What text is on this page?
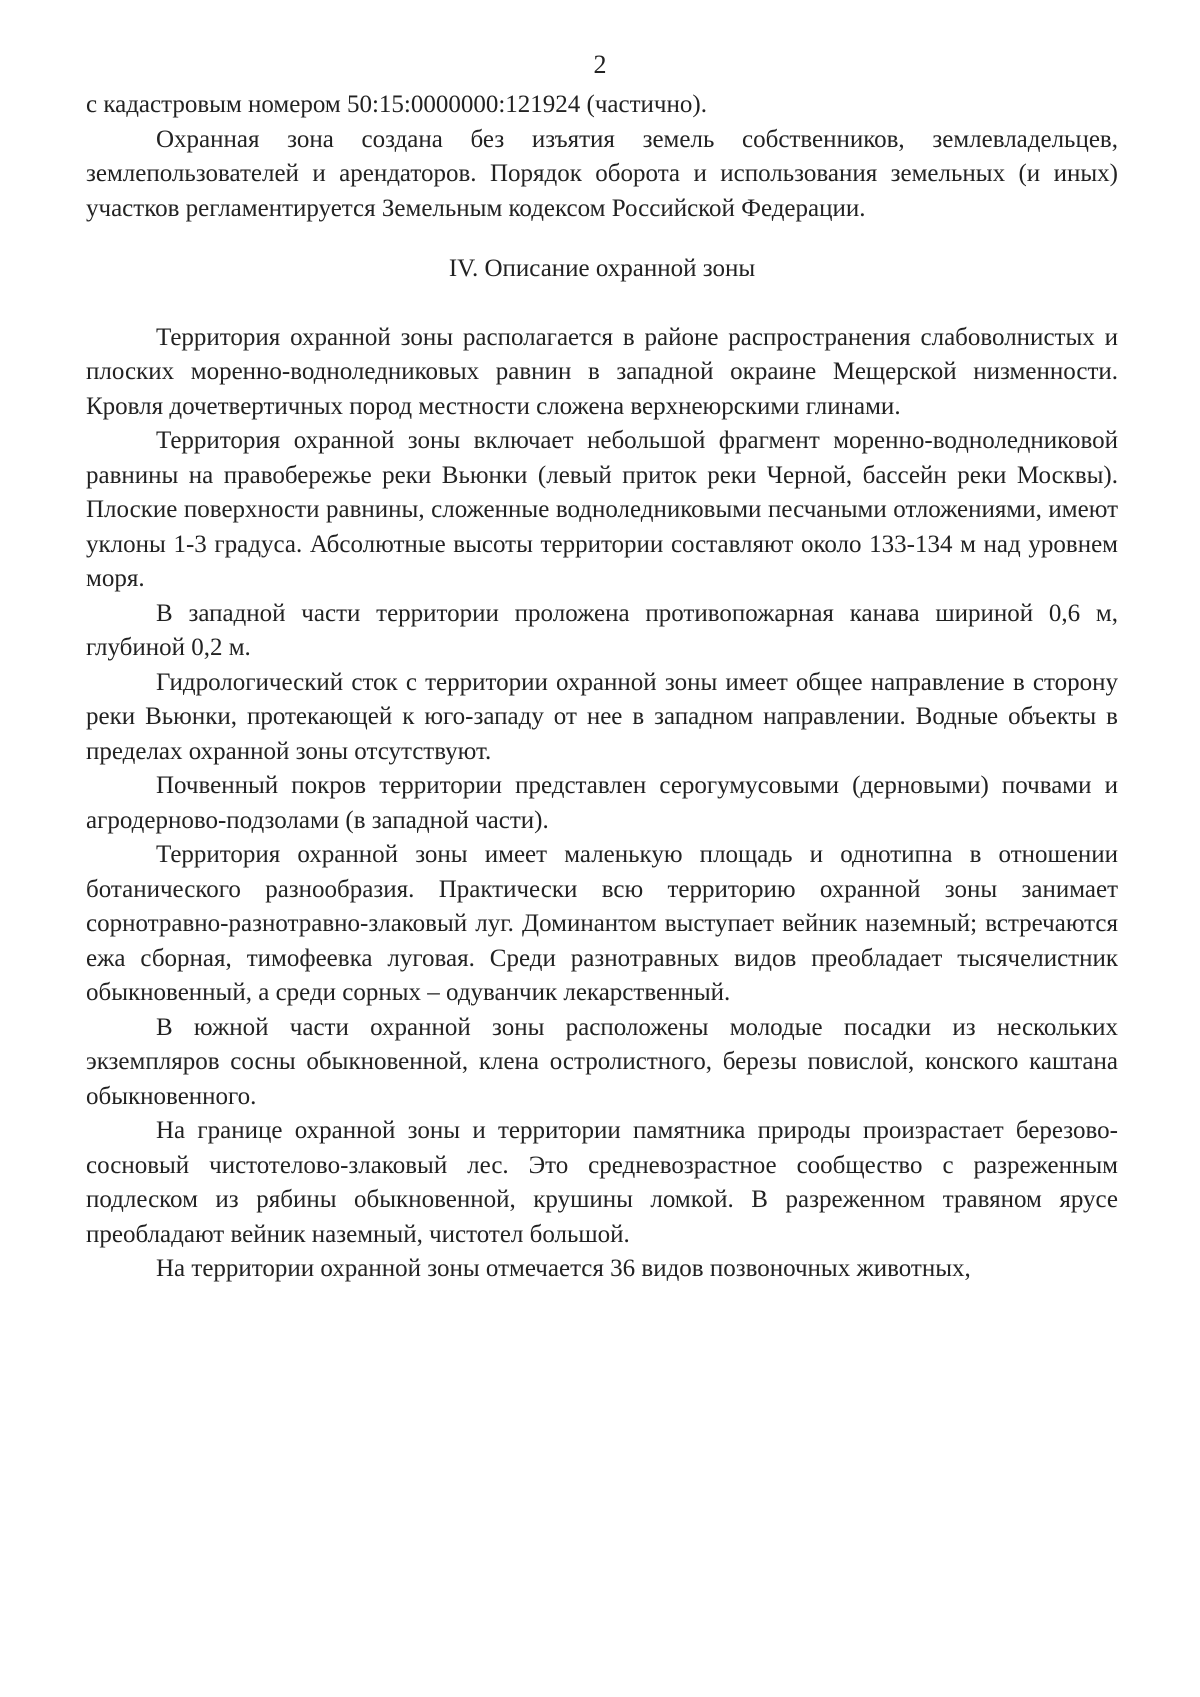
2

с кадастровым номером 50:15:0000000:121924 (частично).

Охранная зона создана без изъятия земель собственников, землевладельцев, землепользователей и арендаторов. Порядок оборота и использования земельных (и иных) участков регламентируется Земельным кодексом Российской Федерации.

IV. Описание охранной зоны

Территория охранной зоны располагается в районе распространения слабоволнистых и плоских моренно-водноледниковых равнин в западной окраине Мещерской низменности. Кровля дочетвертичных пород местности сложена верхнеюрскими глинами.

Территория охранной зоны включает небольшой фрагмент моренно-водноледниковой равнины на правобережье реки Вьюнки (левый приток реки Черной, бассейн реки Москвы). Плоские поверхности равнины, сложенные водноледниковыми песчаными отложениями, имеют уклоны 1-3 градуса. Абсолютные высоты территории составляют около 133-134 м над уровнем моря.

В западной части территории проложена противопожарная канава шириной 0,6 м, глубиной 0,2 м.

Гидрологический сток с территории охранной зоны имеет общее направление в сторону реки Вьюнки, протекающей к юго-западу от нее в западном направлении. Водные объекты в пределах охранной зоны отсутствуют.

Почвенный покров территории представлен серогумусовыми (дерновыми) почвами и агродерново-подзолами (в западной части).

Территория охранной зоны имеет маленькую площадь и однотипна в отношении ботанического разнообразия. Практически всю территорию охранной зоны занимает сорнотравно-разнотравно-злаковый луг. Доминантом выступает вейник наземный; встречаются ежа сборная, тимофеевка луговая. Среди разнотравных видов преобладает тысячелистник обыкновенный, а среди сорных – одуванчик лекарственный.

В южной части охранной зоны расположены молодые посадки из нескольких экземпляров сосны обыкновенной, клена остролистного, березы повислой, конского каштана обыкновенного.

На границе охранной зоны и территории памятника природы произрастает березово-сосновый чистотелово-злаковый лес. Это средневозрастное сообщество с разреженным подлеском из рябины обыкновенной, крушины ломкой. В разреженном травяном ярусе преобладают вейник наземный, чистотел большой.

На территории охранной зоны отмечается 36 видов позвоночных животных,
